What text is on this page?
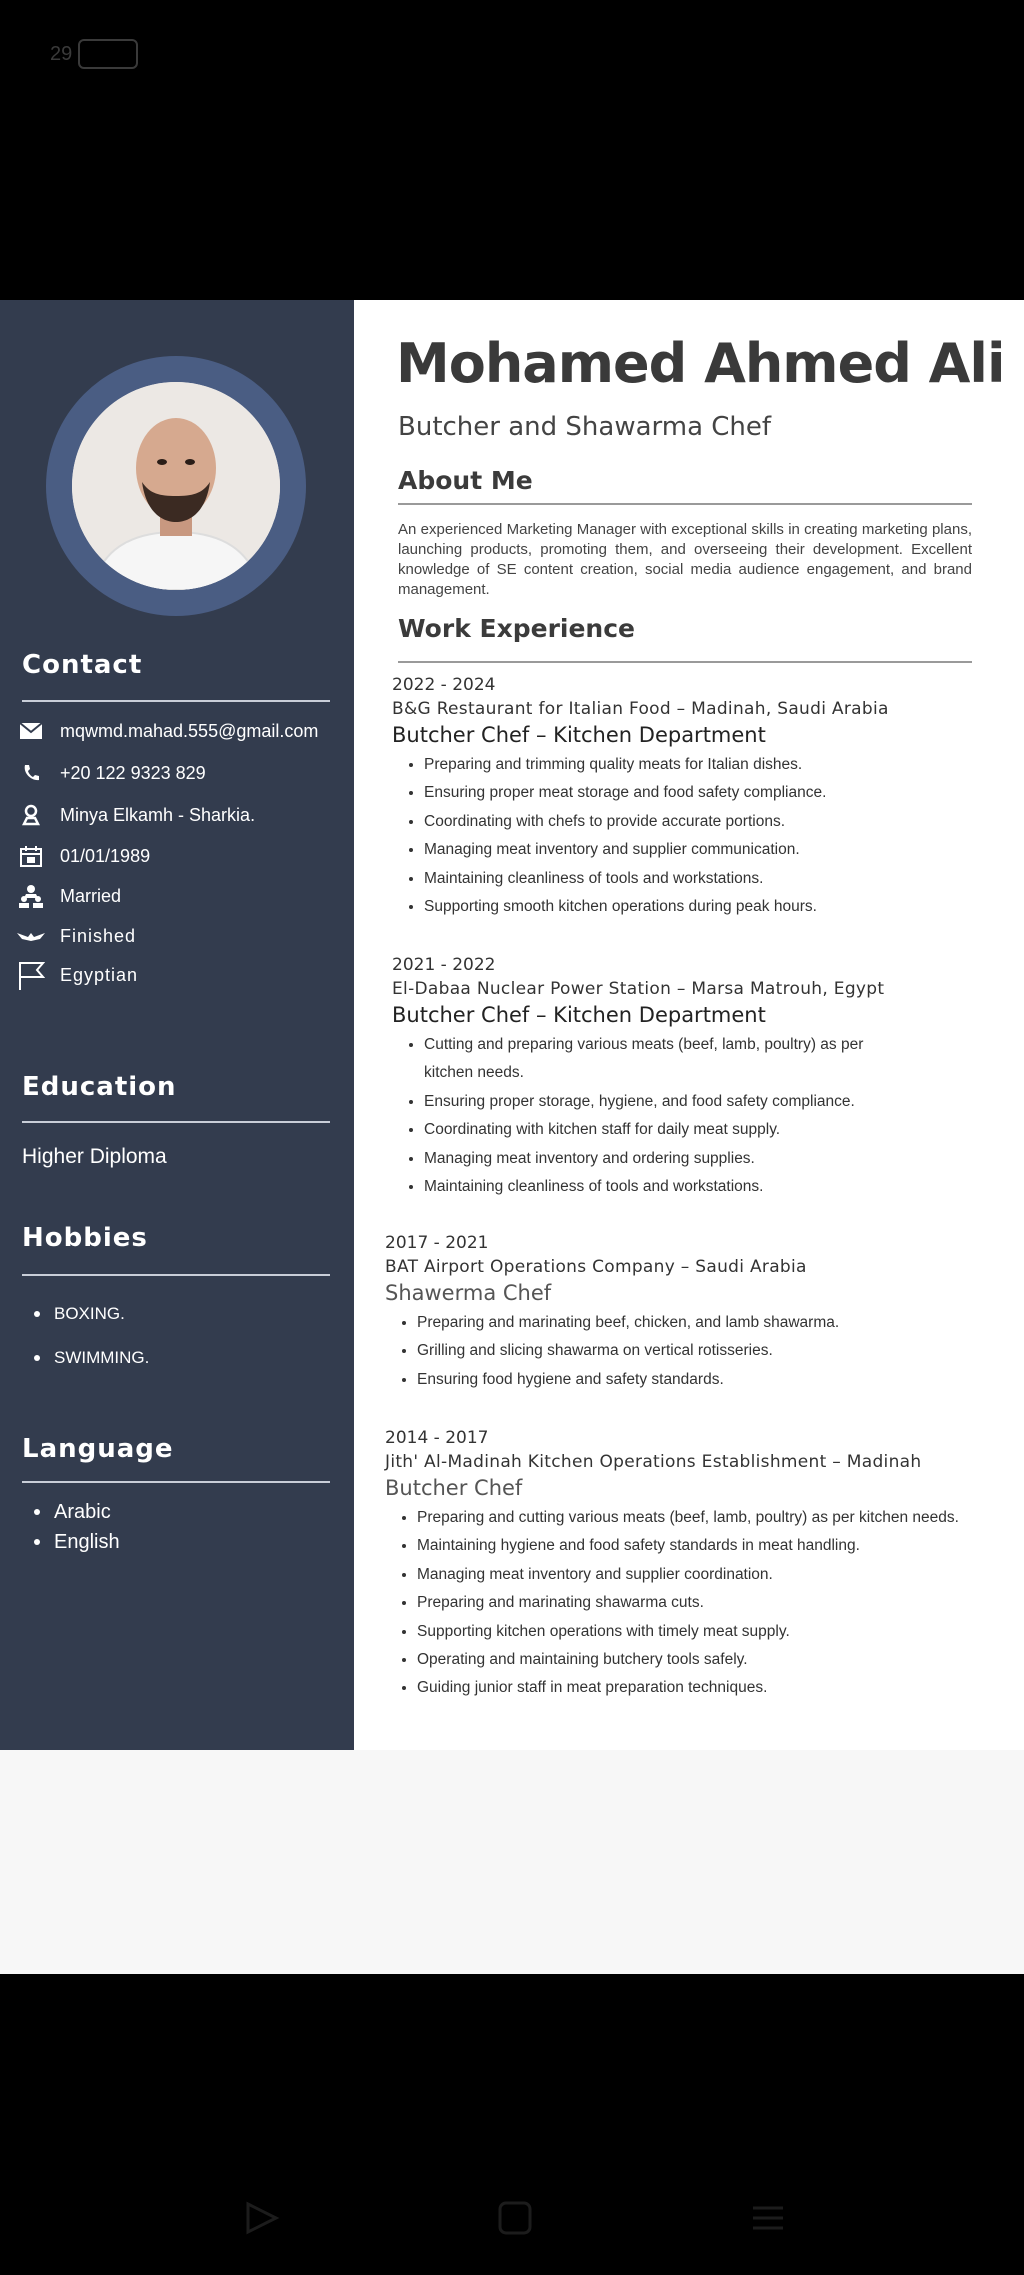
29
Contact
mqwmd.mahad.555@gmail.com
+20 122 9323 829
Minya Elkamh - Sharkia.
01/01/1989
Married
Finished
Egyptian
Education
Higher Diploma
Hobbies
BOXING.
SWIMMING.
Language
Arabic
English
Mohamed Ahmed Ali
Butcher and Shawarma Chef
About Me
An experienced Marketing Manager with exceptional skills in creating marketing plans, launching products, promoting them, and overseeing their development. Excellent knowledge of SE content creation, social media audience engagement, and brand management.
Work Experience
2022 - 2024
B&G Restaurant for Italian Food – Madinah, Saudi Arabia
Butcher Chef – Kitchen Department
• Preparing and trimming quality meats for Italian dishes.
• Ensuring proper meat storage and food safety compliance.
• Coordinating with chefs to provide accurate portions.
• Managing meat inventory and supplier communication.
• Maintaining cleanliness of tools and workstations.
• Supporting smooth kitchen operations during peak hours.
2021 - 2022
El-Dabaa Nuclear Power Station – Marsa Matrouh, Egypt
Butcher Chef – Kitchen Department
• Cutting and preparing various meats (beef, lamb, poultry) as per kitchen needs.
• Ensuring proper storage, hygiene, and food safety compliance.
• Coordinating with kitchen staff for daily meat supply.
• Managing meat inventory and ordering supplies.
• Maintaining cleanliness of tools and workstations.
2017 - 2021
BAT Airport Operations Company – Saudi Arabia
Shawerma Chef
• Preparing and marinating beef, chicken, and lamb shawarma.
• Grilling and slicing shawarma on vertical rotisseries.
• Ensuring food hygiene and safety standards.
2014 - 2017
Jith' Al-Madinah Kitchen Operations Establishment – Madinah
Butcher Chef
• Preparing and cutting various meats (beef, lamb, poultry) as per kitchen needs.
• Maintaining hygiene and food safety standards in meat handling.
• Managing meat inventory and supplier coordination.
• Preparing and marinating shawarma cuts.
• Supporting kitchen operations with timely meat supply.
• Operating and maintaining butchery tools safely.
• Guiding junior staff in meat preparation techniques.
